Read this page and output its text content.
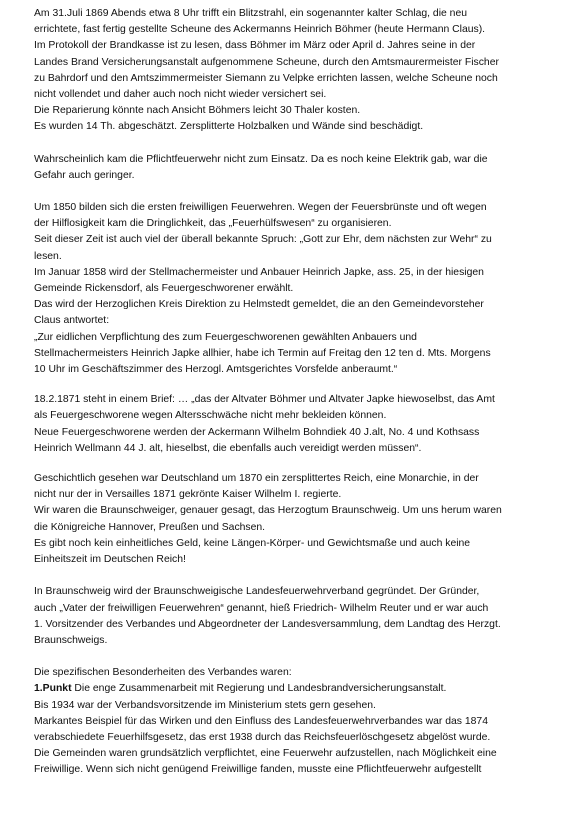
Am 31.Juli 1869 Abends etwa 8 Uhr trifft ein Blitzstrahl, ein sogenannter kalter Schlag, die neu
errichtete, fast fertig gestellte Scheune des Ackermanns Heinrich Böhmer (heute Hermann Claus).
Im Protokoll der Brandkasse ist zu lesen, dass Böhmer im März oder April d. Jahres seine in der
Landes Brand Versicherungsanstalt aufgenommene Scheune, durch den Amtsmaurermeister Fischer
zu Bahrdorf und den Amtszimmermeister Siemann zu Velpke errichten lassen, welche Scheune noch
nicht vollendet und daher auch noch nicht wieder versichert sei.
Die Reparierung könnte nach Ansicht Böhmers leicht 30 Thaler kosten.
Es wurden 14 Th. abgeschätzt. Zersplitterte Holzbalken und Wände sind beschädigt.
Wahrscheinlich kam die Pflichtfeuerwehr nicht zum Einsatz. Da es noch keine Elektrik gab, war die
Gefahr auch geringer.
Um 1850 bilden sich die ersten freiwilligen Feuerwehren. Wegen der Feuersbrünste und oft wegen
der Hilflosigkeit kam die Dringlichkeit, das „Feuerhülfswesen“ zu organisieren.
Seit dieser Zeit ist auch viel der überall bekannte Spruch: „Gott zur Ehr, dem nächsten zur Wehr“ zu
lesen.
Im Januar 1858 wird der Stellmachermeister und Anbauer Heinrich Japke, ass. 25, in der hiesigen
Gemeinde Rickensdorf, als Feuergeschworener erwählt.
Das wird der Herzoglichen Kreis Direktion zu Helmstedt gemeldet, die an den Gemeindevorsteher
Claus antwortet:
„Zur eidlichen Verpflichtung des zum Feuergeschworenen gewählten Anbauers und
Stellmachermeisters Heinrich Japke allhier, habe ich Termin auf Freitag den 12 ten d. Mts. Morgens
10 Uhr im Geschäftszimmer des Herzogl. Amtsgerichtes Vorsfelde anberaumt.“
18.2.1871 steht in einem Brief: … „das der Altvater Böhmer und Altvater Japke hiewoselbst, das Amt
als Feuergeschworene wegen Altersschwäche nicht mehr bekleiden können.
Neue Feuergeschworene werden der Ackermann Wilhelm Bohndiek 40 J.alt, No. 4 und Kothsass
Heinrich Wellmann 44 J. alt, hieselbst, die ebenfalls auch vereidigt werden müssen“.
Geschichtlich gesehen war Deutschland um 1870 ein zersplittertes Reich, eine Monarchie, in der
nicht nur der in Versailles 1871 gekrönte Kaiser Wilhelm I. regierte.
Wir waren die Braunschweiger, genauer gesagt, das Herzogtum Braunschweig. Um uns herum waren
die Königreiche Hannover, Preußen und Sachsen.
Es gibt noch kein einheitliches Geld, keine Längen-Körper- und Gewichtsmaße und auch keine
Einheitszeit im Deutschen Reich!
In Braunschweig wird der Braunschweigische Landesfeuerwehrverband gegründet. Der Gründer,
auch „Vater der freiwilligen Feuerwehren“ genannt, hieß Friedrich- Wilhelm Reuter und er war auch
1. Vorsitzender des Verbandes und Abgeordneter der Landesversammlung, dem Landtag des Herzgt.
Braunschweigs.
Die spezifischen Besonderheiten des Verbandes waren:
1.Punkt Die enge Zusammenarbeit mit Regierung und Landesbrandversicherungsanstalt.
Bis 1934 war der Verbandsvorsitzende im Ministerium stets gern gesehen.
Markantes Beispiel für das Wirken und den Einfluss des Landesfeuerwehrverbandes war das 1874
verabschiedete Feuerhilfsgesetz, das erst 1938 durch das Reichsfeuerlöschgesetz abgelöst wurde.
Die Gemeinden waren grundsätzlich verpflichtet, eine Feuerwehr aufzustellen, nach Möglichkeit eine
Freiwillige. Wenn sich nicht genügend Freiwillige fanden, musste eine Pflichtfeuerwehr aufgestellt
